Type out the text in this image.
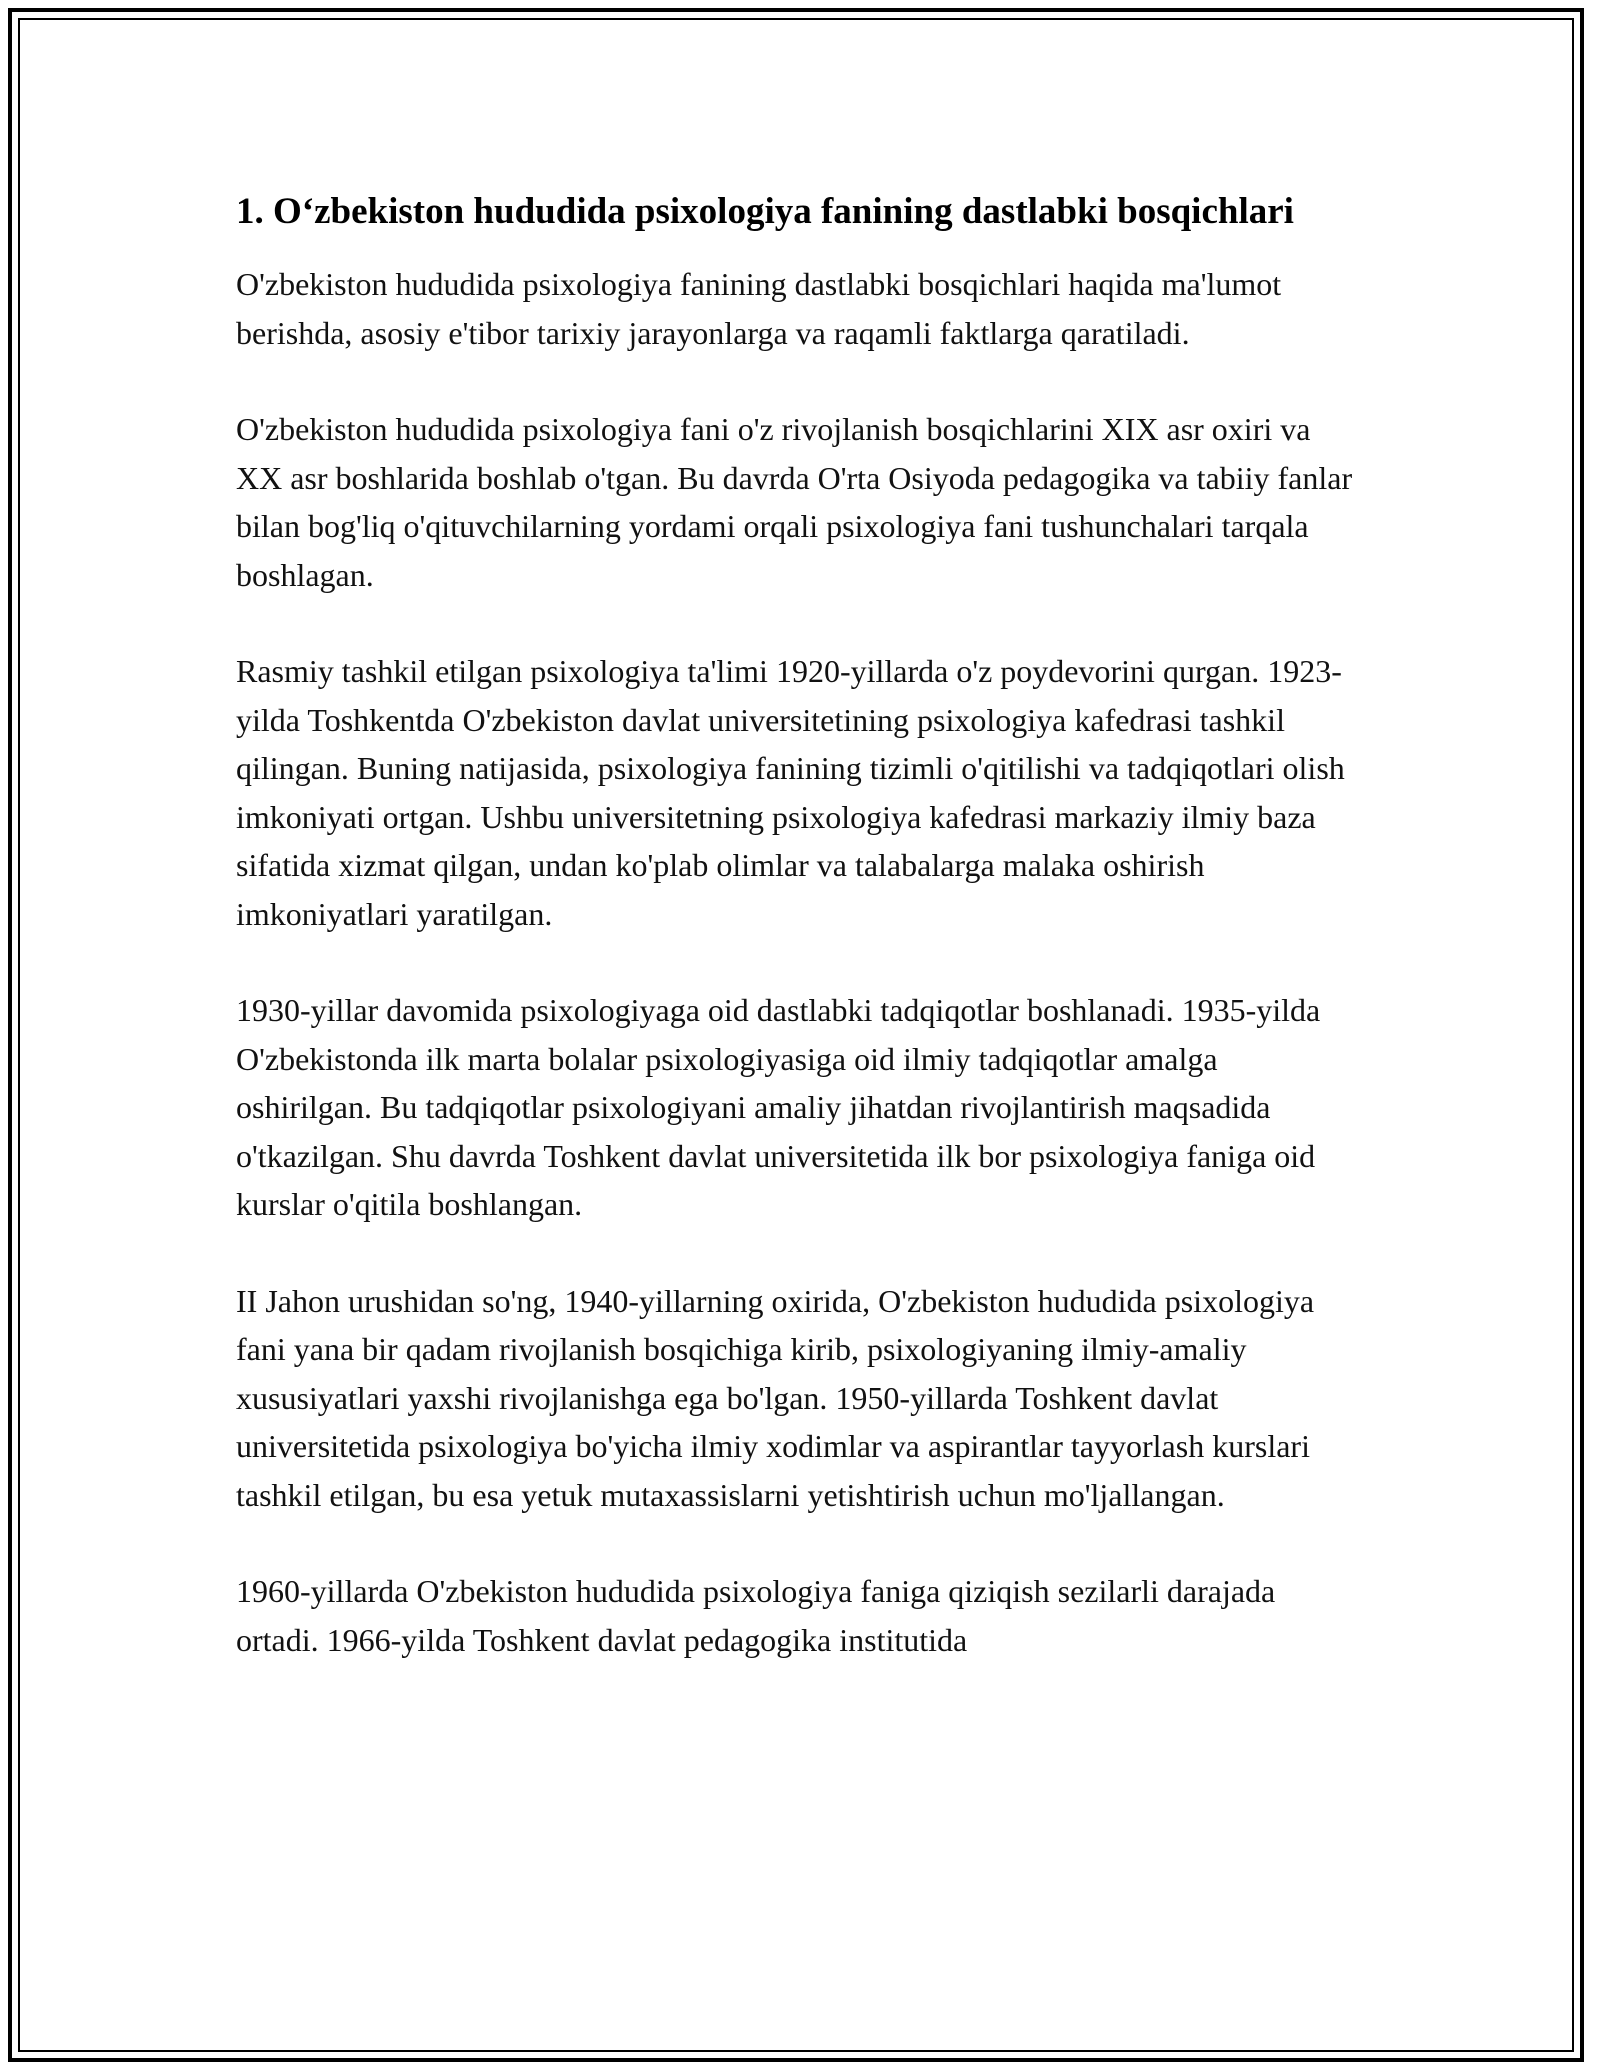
1. Oʻzbekiston hududida psixologiya fanining dastlabki bosqichlari

O'zbekiston hududida psixologiya fanining dastlabki bosqichlari haqida ma'lumot berishda, asosiy e'tibor tarixiy jarayonlarga va raqamli faktlarga qaratiladi.

O'zbekiston hududida psixologiya fani o'z rivojlanish bosqichlarini XIX asr oxiri va XX asr boshlarida boshlab o'tgan. Bu davrda O'rta Osiyoda pedagogika va tabiiy fanlar bilan bog'liq o'qituvchilarning yordami orqali psixologiya fani tushunchalari tarqala boshlagan.

Rasmiy tashkil etilgan psixologiya ta'limi 1920-yillarda o'z poydevorini qurgan. 1923-yilda Toshkentda O'zbekiston davlat universitetining psixologiya kafedrasi tashkil qilingan. Buning natijasida, psixologiya fanining tizimli o'qitilishi va tadqiqotlari olish imkoniyati ortgan. Ushbu universitetning psixologiya kafedrasi markaziy ilmiy baza sifatida xizmat qilgan, undan ko'plab olimlar va talabalarga malaka oshirish imkoniyatlari yaratilgan.

1930-yillar davomida psixologiyaga oid dastlabki tadqiqotlar boshlanadi. 1935-yilda O'zbekistonda ilk marta bolalar psixologiyasiga oid ilmiy tadqiqotlar amalga oshirilgan. Bu tadqiqotlar psixologiyani amaliy jihatdan rivojlantirish maqsadida o'tkazilgan. Shu davrda Toshkent davlat universitetida ilk bor psixologiya faniga oid kurslar o'qitila boshlangan.

II Jahon urushidan so'ng, 1940-yillarning oxirida, O'zbekiston hududida psixologiya fani yana bir qadam rivojlanish bosqichiga kirib, psixologiyaning ilmiy-amaliy xususiyatlari yaxshi rivojlanishga ega bo'lgan. 1950-yillarda Toshkent davlat universitetida psixologiya bo'yicha ilmiy xodimlar va aspirantlar tayyorlash kurslari tashkil etilgan, bu esa yetuk mutaxassislarni yetishtirish uchun mo'ljallangan.

1960-yillarda O'zbekiston hududida psixologiya faniga qiziqish sezilarli darajada ortadi. 1966-yilda Toshkent davlat pedagogika institutida
